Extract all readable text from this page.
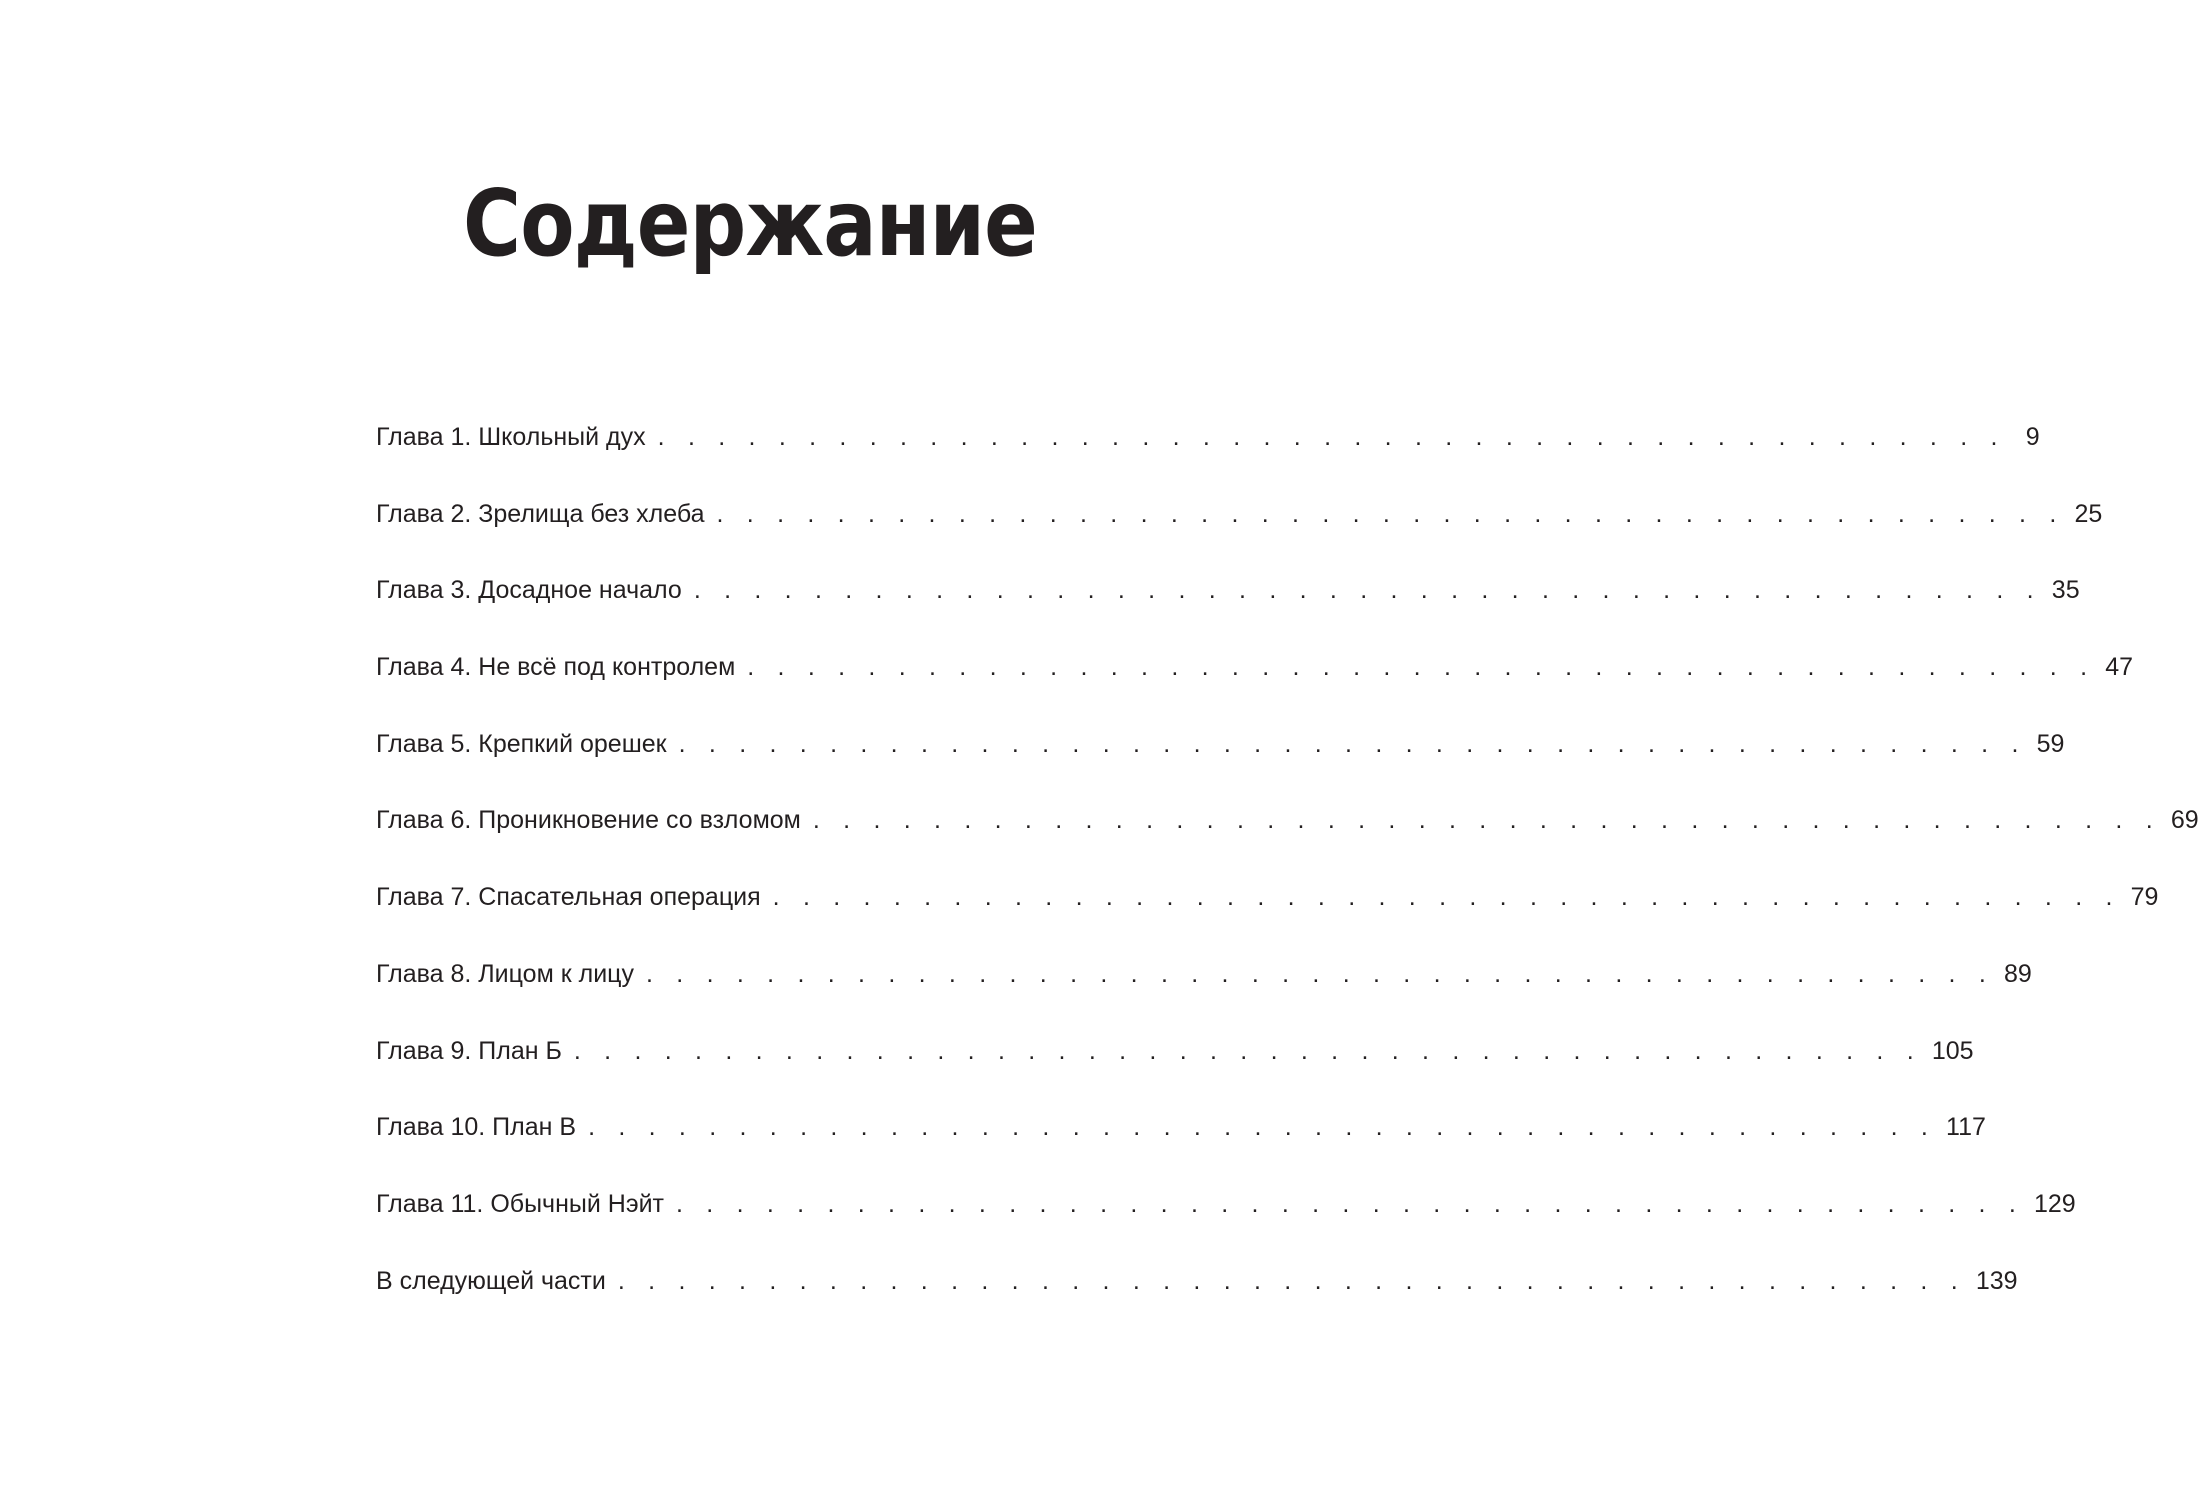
Содержание
Глава 1. Школьный дух . . . . . . . . . . . . . . . . . . . . . . . . . . . . . . . . . . . . . . . . . . . . . 9
Глава 2. Зрелища без хлеба . . . . . . . . . . . . . . . . . . . . . . . . . . . . . . . . . . . . . . . . . . . . . 25
Глава 3. Досадное начало . . . . . . . . . . . . . . . . . . . . . . . . . . . . . . . . . . . . . . . . . . . . . 35
Глава 4. Не всё под контролем . . . . . . . . . . . . . . . . . . . . . . . . . . . . . . . . . . . . . . . . . . . . . 47
Глава 5. Крепкий орешек . . . . . . . . . . . . . . . . . . . . . . . . . . . . . . . . . . . . . . . . . . . . . 59
Глава 6. Проникновение со взломом . . . . . . . . . . . . . . . . . . . . . . . . . . . . . . . . . . . . . . . . . . . . . 69
Глава 7. Спасательная операция . . . . . . . . . . . . . . . . . . . . . . . . . . . . . . . . . . . . . . . . . . . . . 79
Глава 8. Лицом к лицу . . . . . . . . . . . . . . . . . . . . . . . . . . . . . . . . . . . . . . . . . . . . . 89
Глава 9. План Б . . . . . . . . . . . . . . . . . . . . . . . . . . . . . . . . . . . . . . . . . . . . . 105
Глава 10. План В . . . . . . . . . . . . . . . . . . . . . . . . . . . . . . . . . . . . . . . . . . . . . 117
Глава 11. Обычный Нэйт . . . . . . . . . . . . . . . . . . . . . . . . . . . . . . . . . . . . . . . . . . . . . 129
В следующей части . . . . . . . . . . . . . . . . . . . . . . . . . . . . . . . . . . . . . . . . . . . . . 139
